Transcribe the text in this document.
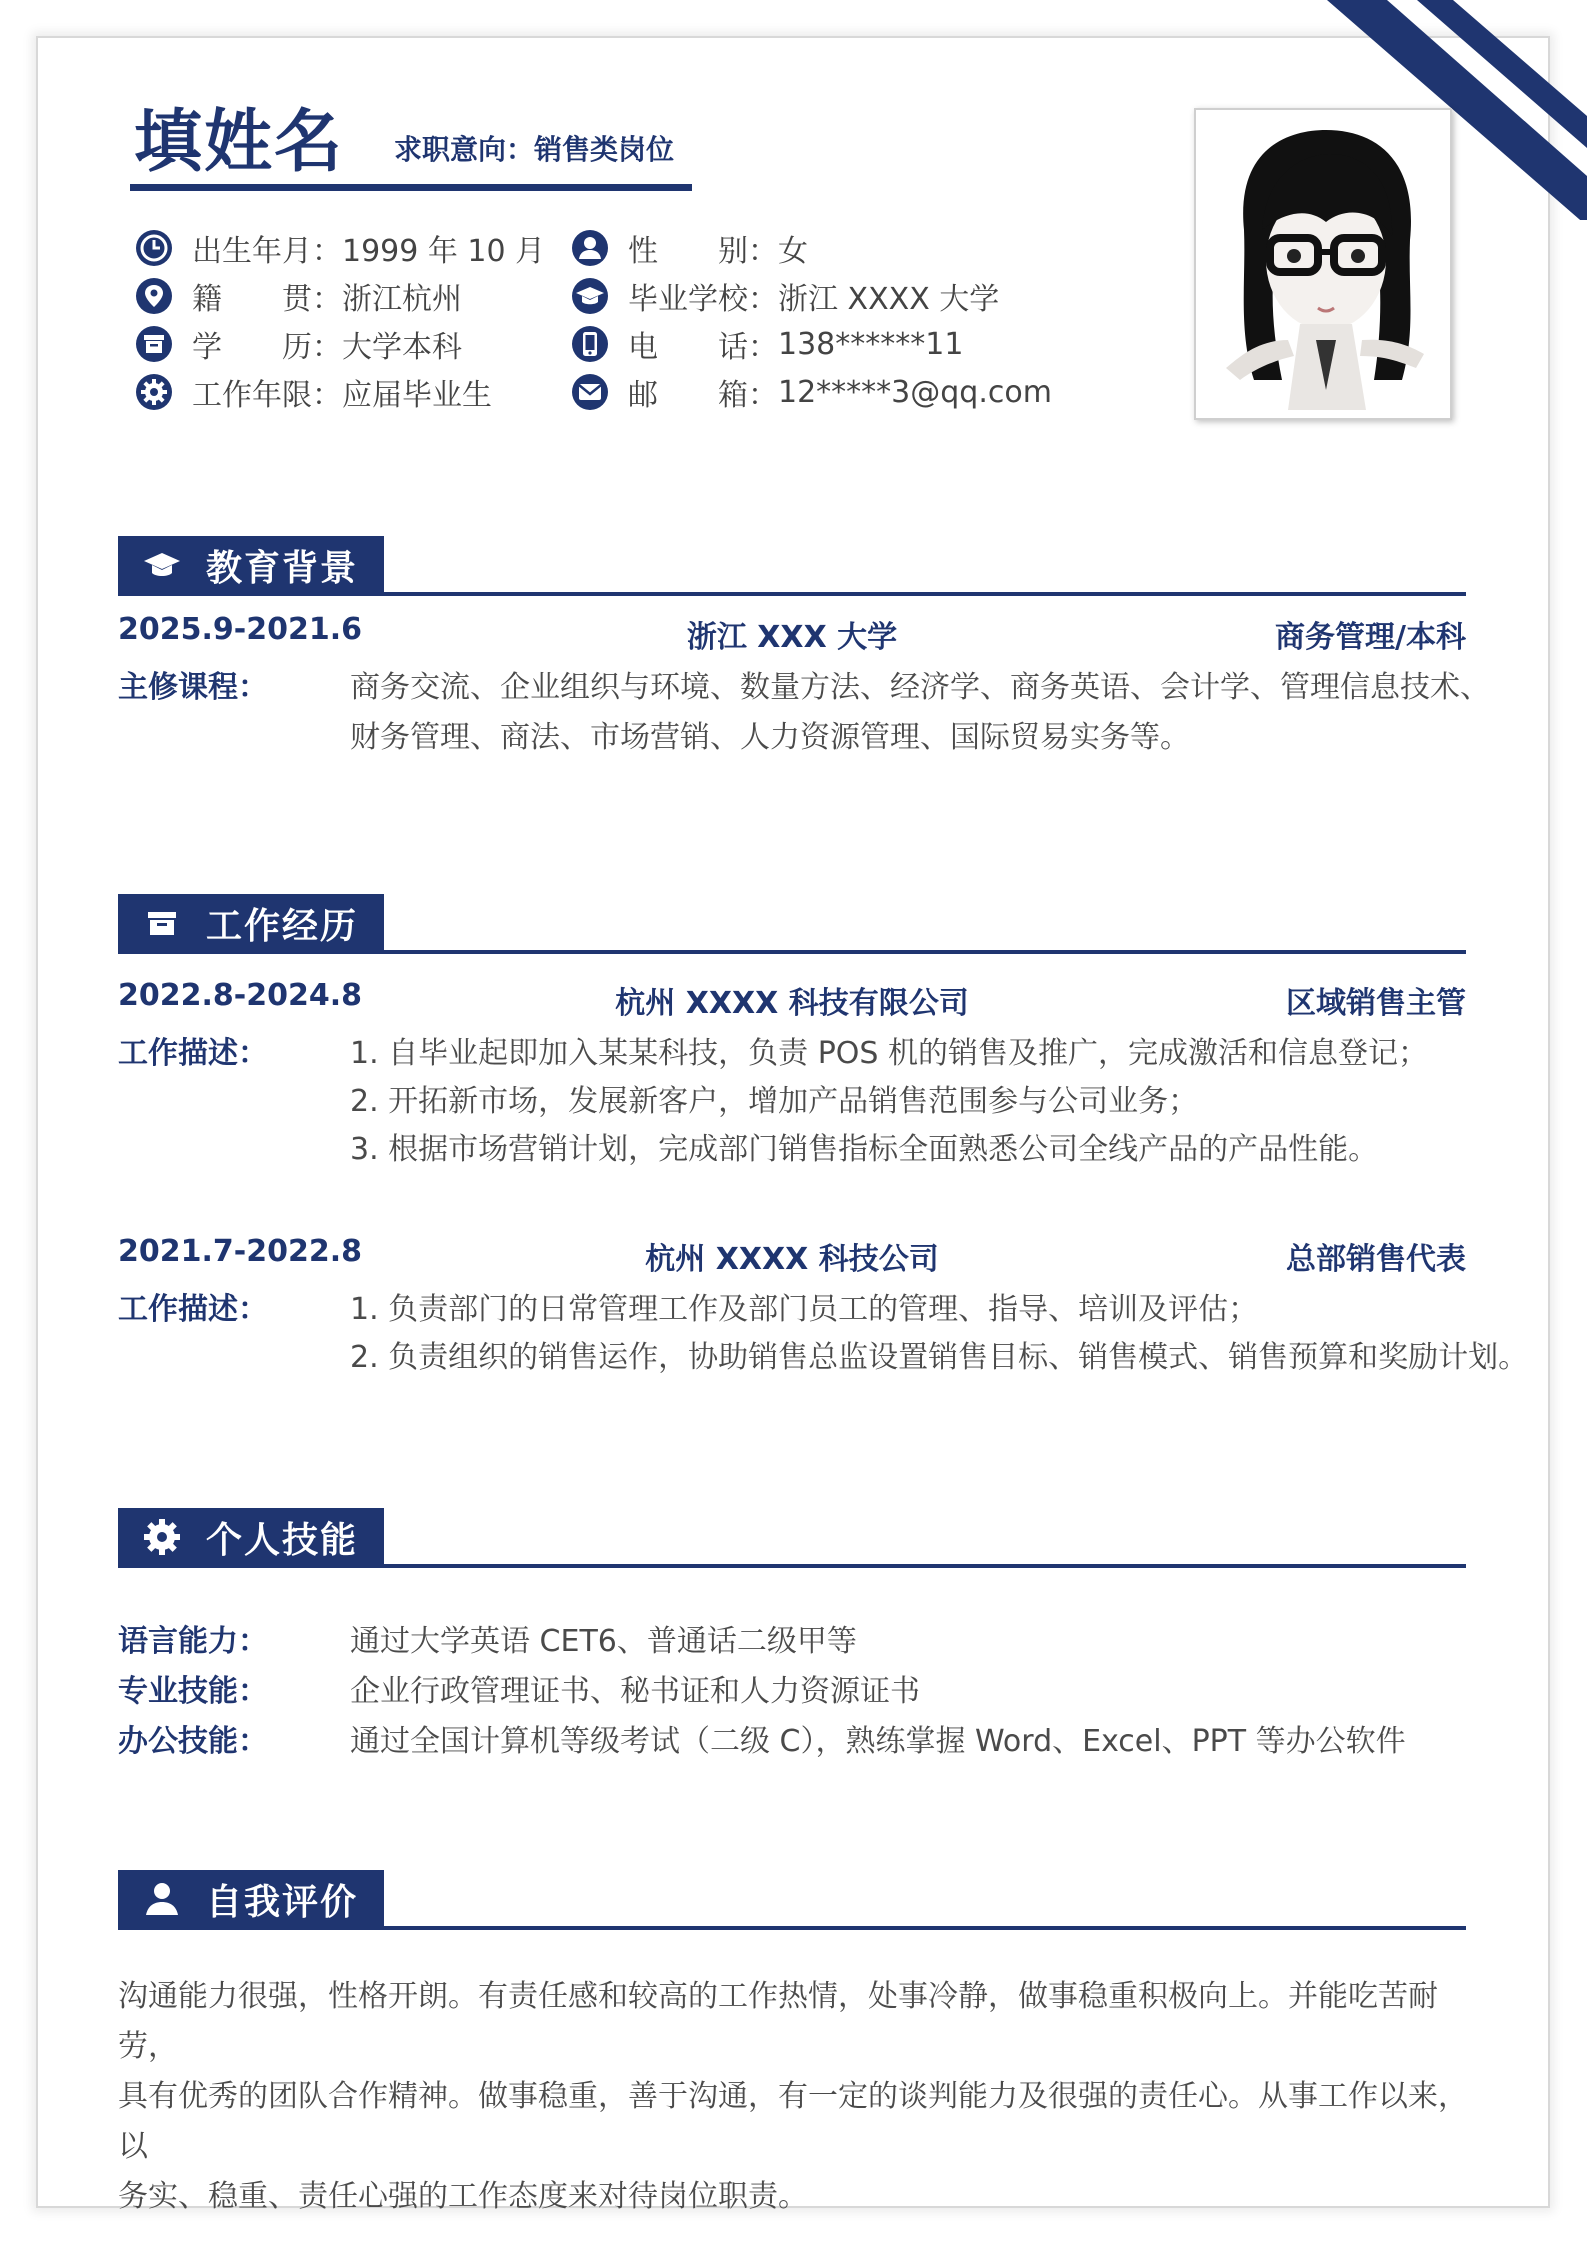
填姓名 求职意向：销售类岗位
出生年月： 1999 年 10 月
籍　　贯： 浙江杭州
学　　历： 大学本科
工作年限： 应届毕业生
性　　别： 女
毕业学校： 浙江 XXXX 大学
电　　话： 138******11
邮　　箱： 12*****3@qq.com
教育背景
2025.9-2021.6	浙江 XXX 大学	商务管理/本科
主修课程：	商务交流、企业组织与环境、数量方法、经济学、商务英语、会计学、管理信息技术、
财务管理、商法、市场营销、人力资源管理、国际贸易实务等。
工作经历
2022.8-2024.8	杭州 XXXX 科技有限公司	区域销售主管
工作描述：	1. 自毕业起即加入某某科技，负责 POS 机的销售及推广，完成激活和信息登记；
2. 开拓新市场，发展新客户，增加产品销售范围参与公司业务；
3. 根据市场营销计划，完成部门销售指标全面熟悉公司全线产品的产品性能。
2021.7-2022.8	杭州 XXXX 科技公司	总部销售代表
工作描述：	1. 负责部门的日常管理工作及部门员工的管理、指导、培训及评估；
2. 负责组织的销售运作，协助销售总监设置销售目标、销售模式、销售预算和奖励计划。
个人技能
语言能力：	通过大学英语 CET6、普通话二级甲等
专业技能：	企业行政管理证书、秘书证和人力资源证书
办公技能：	通过全国计算机等级考试（二级 C），熟练掌握 Word、Excel、PPT 等办公软件
自我评价
沟通能力很强，性格开朗。有责任感和较高的工作热情，处事冷静，做事稳重积极向上。并能吃苦耐劳，
具有优秀的团队合作精神。做事稳重，善于沟通，有一定的谈判能力及很强的责任心。从事工作以来，以
务实、稳重、责任心强的工作态度来对待岗位职责。
